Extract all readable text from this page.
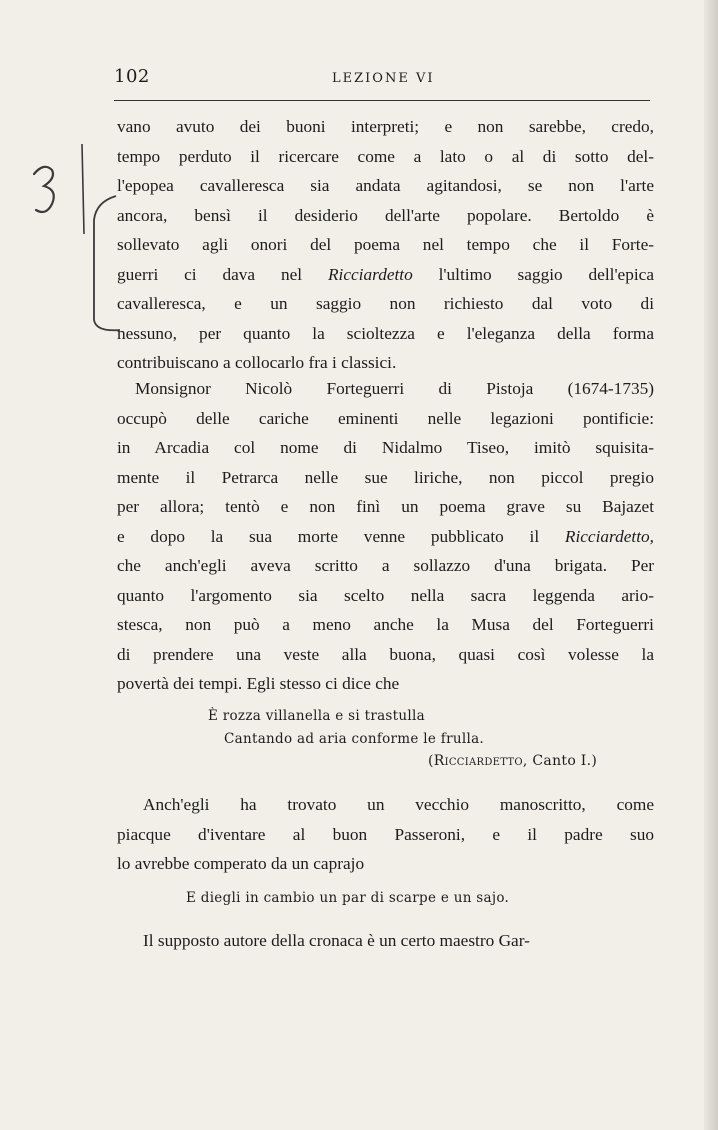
102	LEZIONE VI
vano avuto dei buoni interpreti; e non sarebbe, credo,
tempo perduto il ricercare come a lato o al di sotto del-
l'epopea cavalleresca sia andata agitandosi, se non l'arte
ancora, bensì il desiderio dell'arte popolare. Bertoldo è
sollevato agli onori del poema nel tempo che il Forte-
guerri ci dava nel Ricciardetto l'ultimo saggio dell'epica
cavalleresca, e un saggio non richiesto dal voto di
nessuno, per quanto la scioltezza e l'eleganza della forma
contribuiscano a collocarlo fra i classici.
Monsignor Nicolò Forteguerri di Pistoja (1674-1735)
occupò delle cariche eminenti nelle legazioni pontificie:
in Arcadia col nome di Nidalmo Tiseo, imitò squisita-
mente il Petrarca nelle sue liriche, non piccol pregio
per allora; tentò e non finì un poema grave su Bajazet
e dopo la sua morte venne pubblicato il Ricciardetto,
che anch'egli aveva scritto a sollazzo d'una brigata. Per
quanto l'argomento sia scelto nella sacra leggenda ario-
stesca, non può a meno anche la Musa del Forteguerri
di prendere una veste alla buona, quasi così volesse la
povertà dei tempi. Egli stesso ci dice che
È rozza villanella e si trastulla
Cantando ad aria conforme le frulla.
(Ricciardetto, Canto I.)
Anch'egli ha trovato un vecchio manoscritto, come
piacque d'iventare al buon Passeroni, e il padre suo
lo avrebbe comperato da un caprajo
E diegli in cambio un par di scarpe e un sajo.
Il supposto autore della cronaca è un certo maestro Gar-
